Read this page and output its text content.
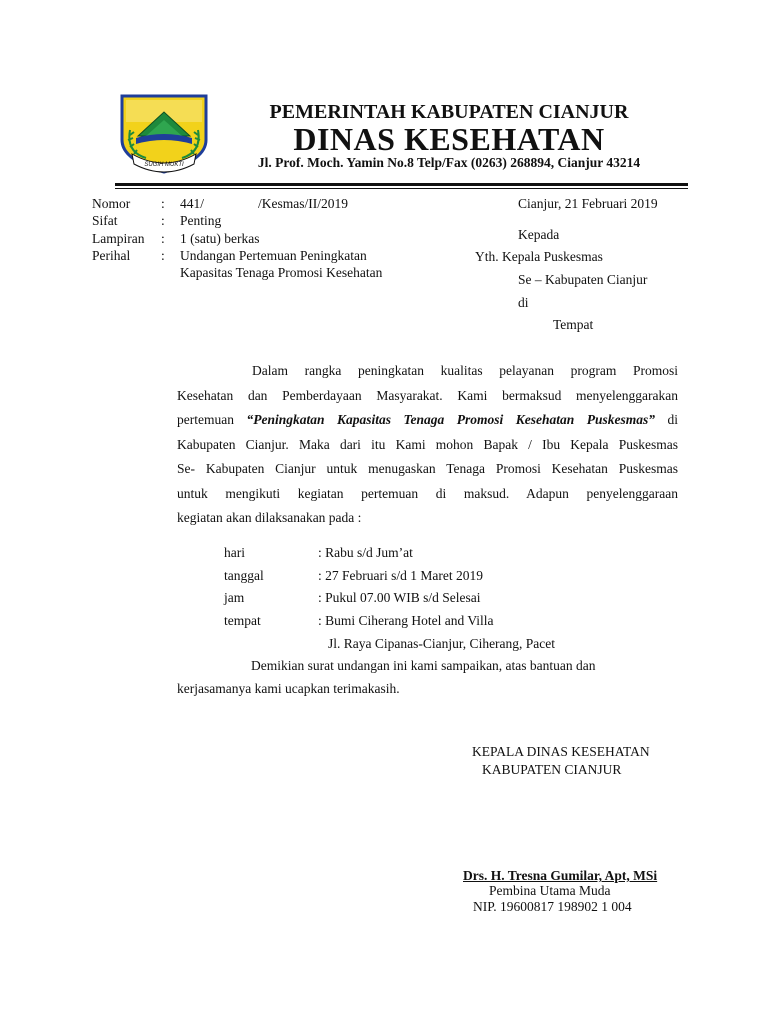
SUGIH MUKTI
PEMERINTAH KABUPATEN CIANJUR
DINAS KESEHATAN
Jl. Prof. Moch. Yamin No.8 Telp/Fax (0263) 268894, Cianjur 43214
Nomor : 441/	/Kesmas/II/2019
Sifat	: Penting
Lampiran : 1 (satu) berkas
Perihal : Undangan Pertemuan Peningkatan
Kapasitas Tenaga Promosi Kesehatan
Cianjur, 21 Februari 2019
Kepada
Yth. Kepala Puskesmas
Se – Kabupaten Cianjur
di
Tempat
Dalam rangka peningkatan kualitas pelayanan program Promosi
Kesehatan dan Pemberdayaan Masyarakat. Kami bermaksud menyelenggarakan
pertemuan “Peningkatan Kapasitas Tenaga Promosi Kesehatan Puskesmas” di
Kabupaten Cianjur. Maka dari itu Kami mohon Bapak / Ibu Kepala Puskesmas
Se- Kabupaten Cianjur untuk menugaskan Tenaga Promosi Kesehatan Puskesmas
untuk mengikuti kegiatan pertemuan di maksud. Adapun penyelenggaraan
kegiatan akan dilaksanakan pada :
hari	: Rabu s/d Jum’at
tanggal	: 27 Februari s/d 1 Maret 2019
jam	: Pukul 07.00 WIB s/d Selesai
tempat	: Bumi Ciherang Hotel and Villa
Jl. Raya Cipanas-Cianjur, Ciherang, Pacet
Demikian surat undangan ini kami sampaikan, atas bantuan dan
kerjasamanya kami ucapkan terimakasih.
KEPALA DINAS KESEHATAN
KABUPATEN CIANJUR
Drs. H. Tresna Gumilar, Apt, MSi
Pembina Utama Muda
NIP. 19600817 198902 1 004
